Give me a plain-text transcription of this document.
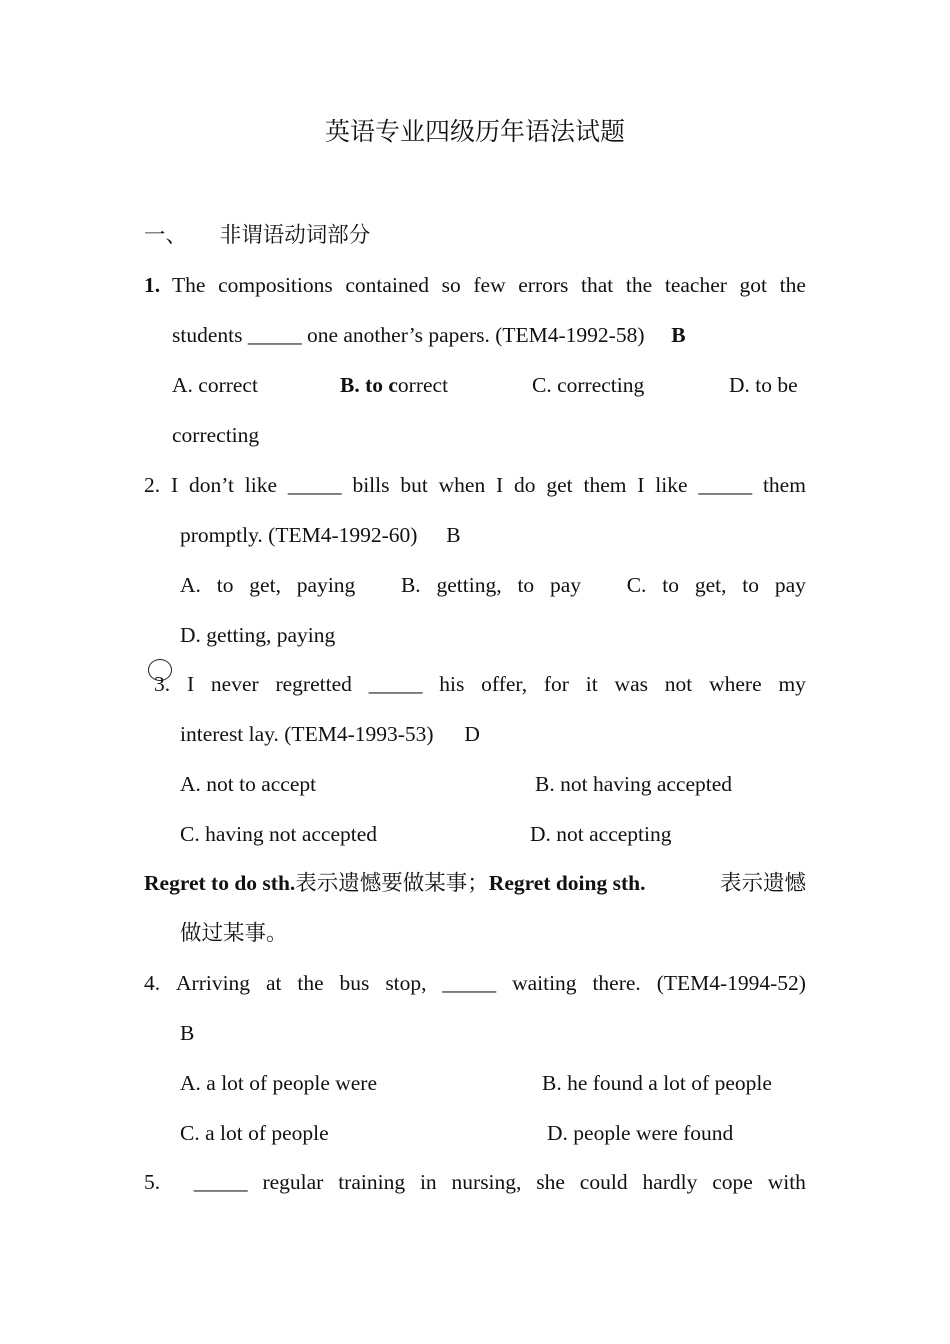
英语专业四级历年语法试题
一、 非谓语动词部分
1. The compositions contained so few errors that the teacher got the
students _____ one another’s papers. (TEM4-1992-58) B
A. correct	B. to correct	C. correcting	D. to be
correcting
2. I don’t like _____ bills but when I do get them I like _____ them
promptly. (TEM4-1992-60) B
A. to get, paying B. getting, to pay C. to get, to pay
D. getting, paying
3. I never regretted _____ his offer, for it was not where my
interest lay. (TEM4-1993-53) D
A. not to accept	B. not having accepted
C. having not accepted	D. not accepting
Regret to do sth.表示遗憾要做某事；Regret doing sth.	表示遗憾
做过某事。
4. Arriving at the bus stop, _____ waiting there. (TEM4-1994-52)
B
A. a lot of people were	B. he found a lot of people
C. a lot of people	D. people were found
5. _____ regular training in nursing, she could hardly cope with
